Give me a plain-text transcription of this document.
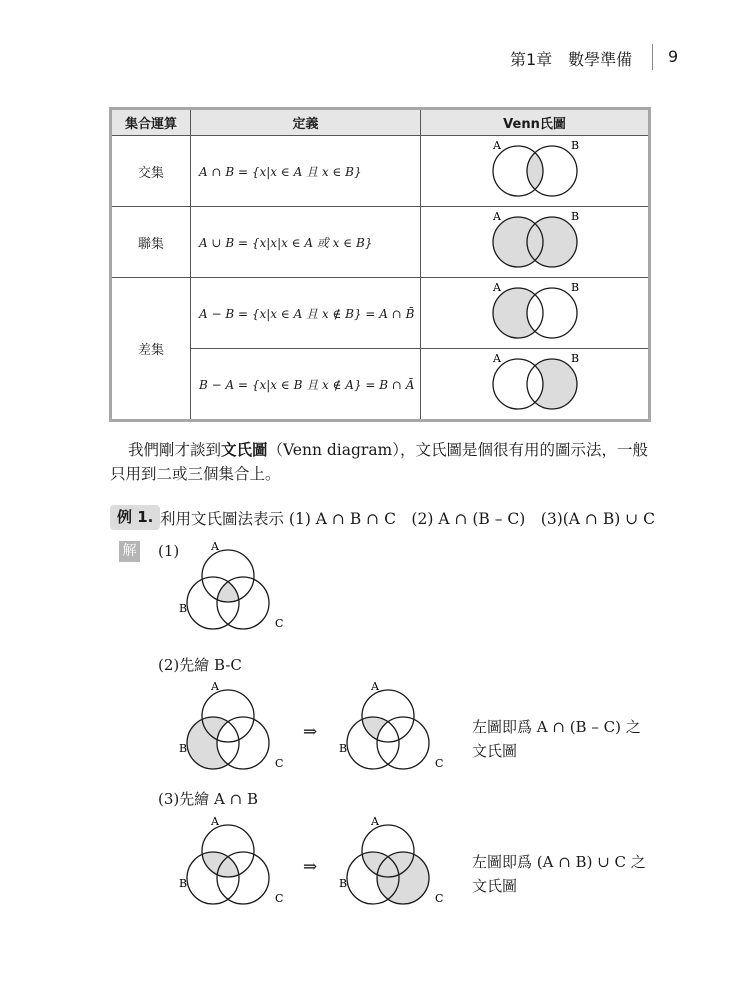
第1章　數學準備 9
集合運算	定義	Venn氏圖
交集	A ∩ B = {x|x ∈ A 且 x ∈ B}	A B

聯集	A ∪ B = {x|x|x ∈ A 或 x ∈ B}	A B

差集	A − B = {x|x ∈ A 且 x ∉ B} = A ∩ B̄	A B

	B − A = {x|x ∈ B 且 x ∉ A} = B ∩ Ā	A B
我們剛才談到文氏圖（Venn diagram），文氏圖是個很有用的圖示法，一般只用到二或三個集合上。
例 1. 利用文氏圖法表示 (1) A ∩ B ∩ C　(2) A ∩ (B – C)　(3)(A ∩ B) ∪ C
解 (1)	A
B
C
(2)先繪 B-C
A
B
C
⇒
A
B
C
左圖即爲 A ∩ (B – C) 之
文氏圖
(3)先繪 A ∩ B
A
B
C
⇒
A
B
C
左圖即爲 (A ∩ B) ∪ C 之
文氏圖
